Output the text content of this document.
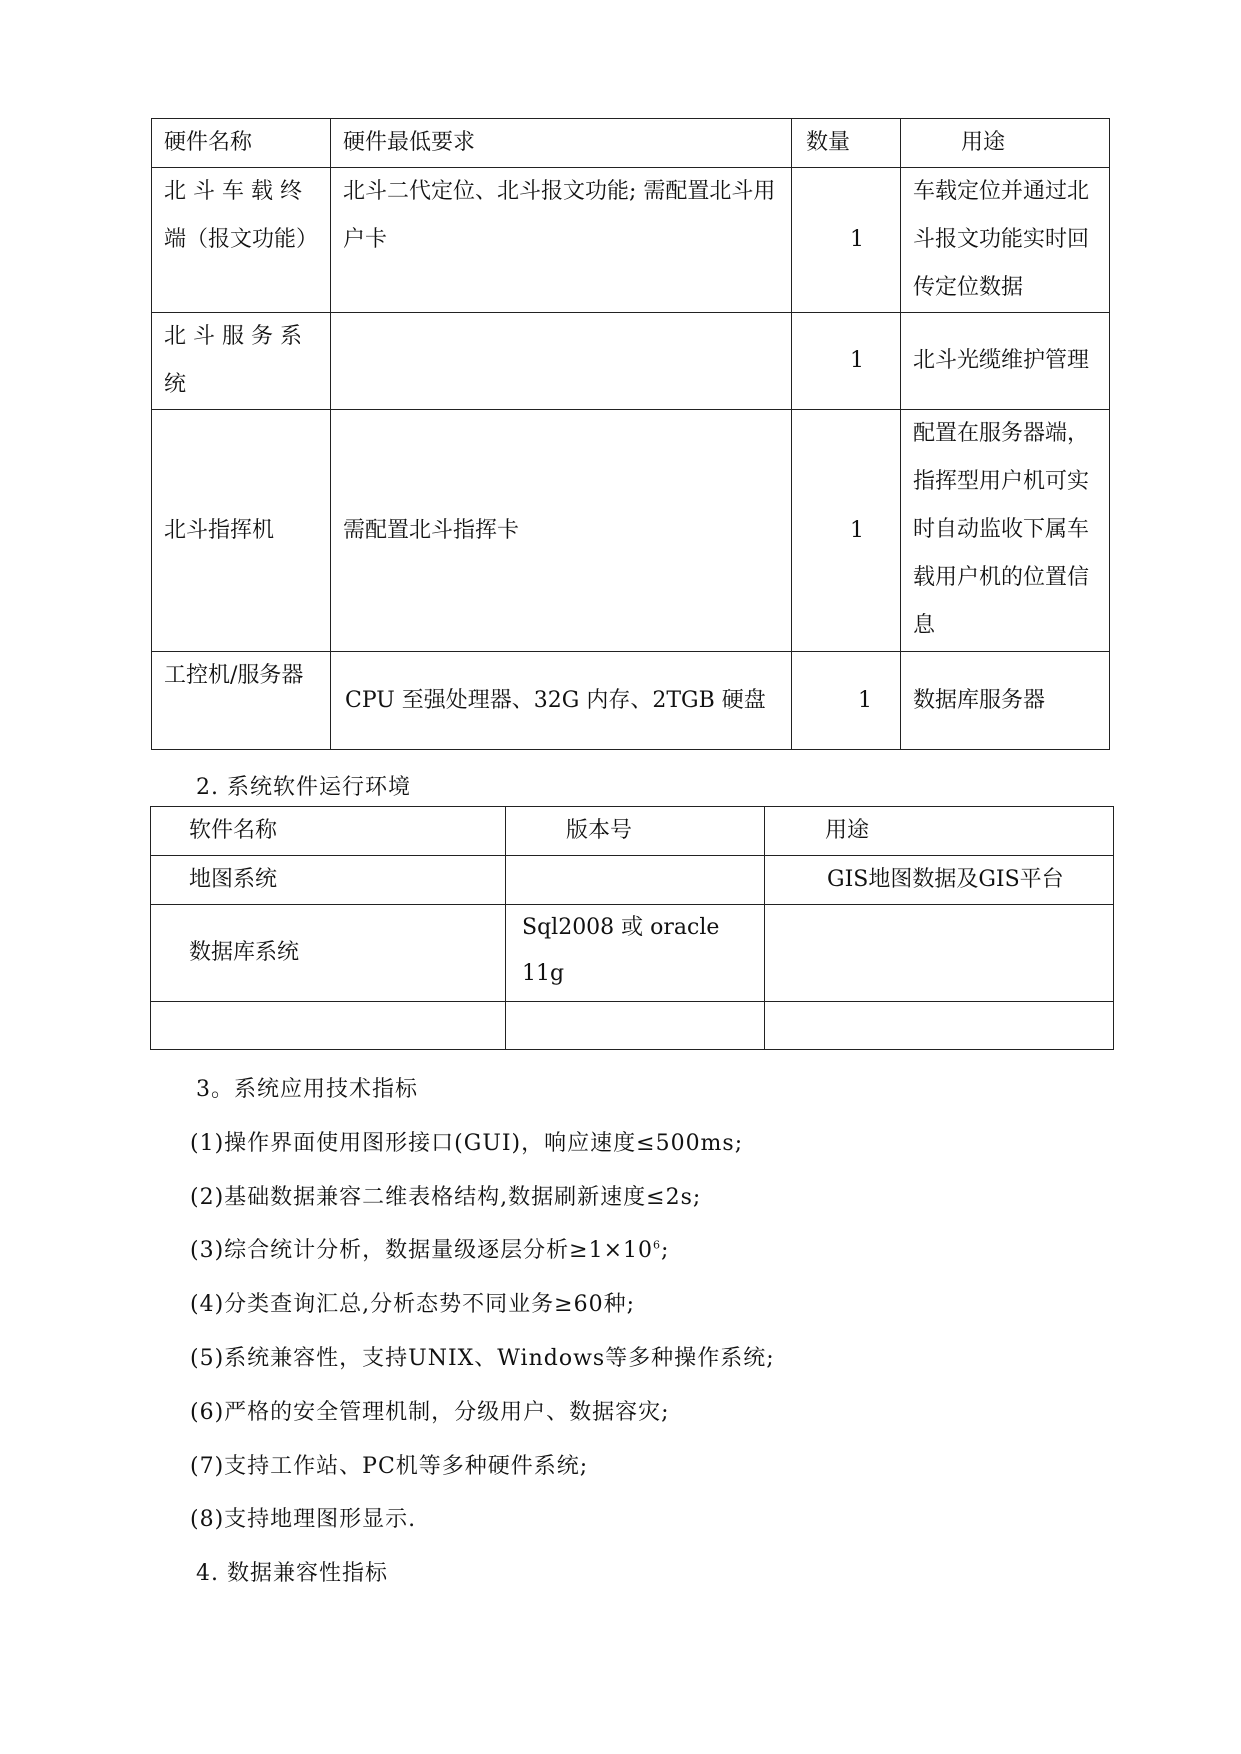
硬件名称	硬件最低要求	数量	用途
北 斗 车 载 终 端（报文功能）	北斗二代定位、北斗报文功能; 需配置北斗用户卡	1	车载定位并通过北斗报文功能实时回传定位数据
北 斗 服 务 系 统		1	北斗光缆维护管理
北斗指挥机	需配置北斗指挥卡	1	配置在服务器端，指挥型用户机可实时自动监收下属车载用户机的位置信息
工控机/服务器	CPU 至强处理器、32G 内存、2TGB 硬盘	1	数据库服务器
2. 系统软件运行环境
软件名称	版本号	用途
地图系统		GIS地图数据及GIS平台
数据库系统	Sql2008 或 oracle 11g	

3。系统应用技术指标
(1)操作界面使用图形接口(GUI)，响应速度≤500ms;
(2)基础数据兼容二维表格结构,数据刷新速度≤2s;
(3)综合统计分析，数据量级逐层分析$\ge 1\times 10^6$;
(4)分类查询汇总,分析态势不同业务≥60种;
(5)系统兼容性，支持UNIX、Windows等多种操作系统;
(6)严格的安全管理机制，分级用户、数据容灾;
(7)支持工作站、PC机等多种硬件系统;
(8)支持地理图形显示.
4. 数据兼容性指标
